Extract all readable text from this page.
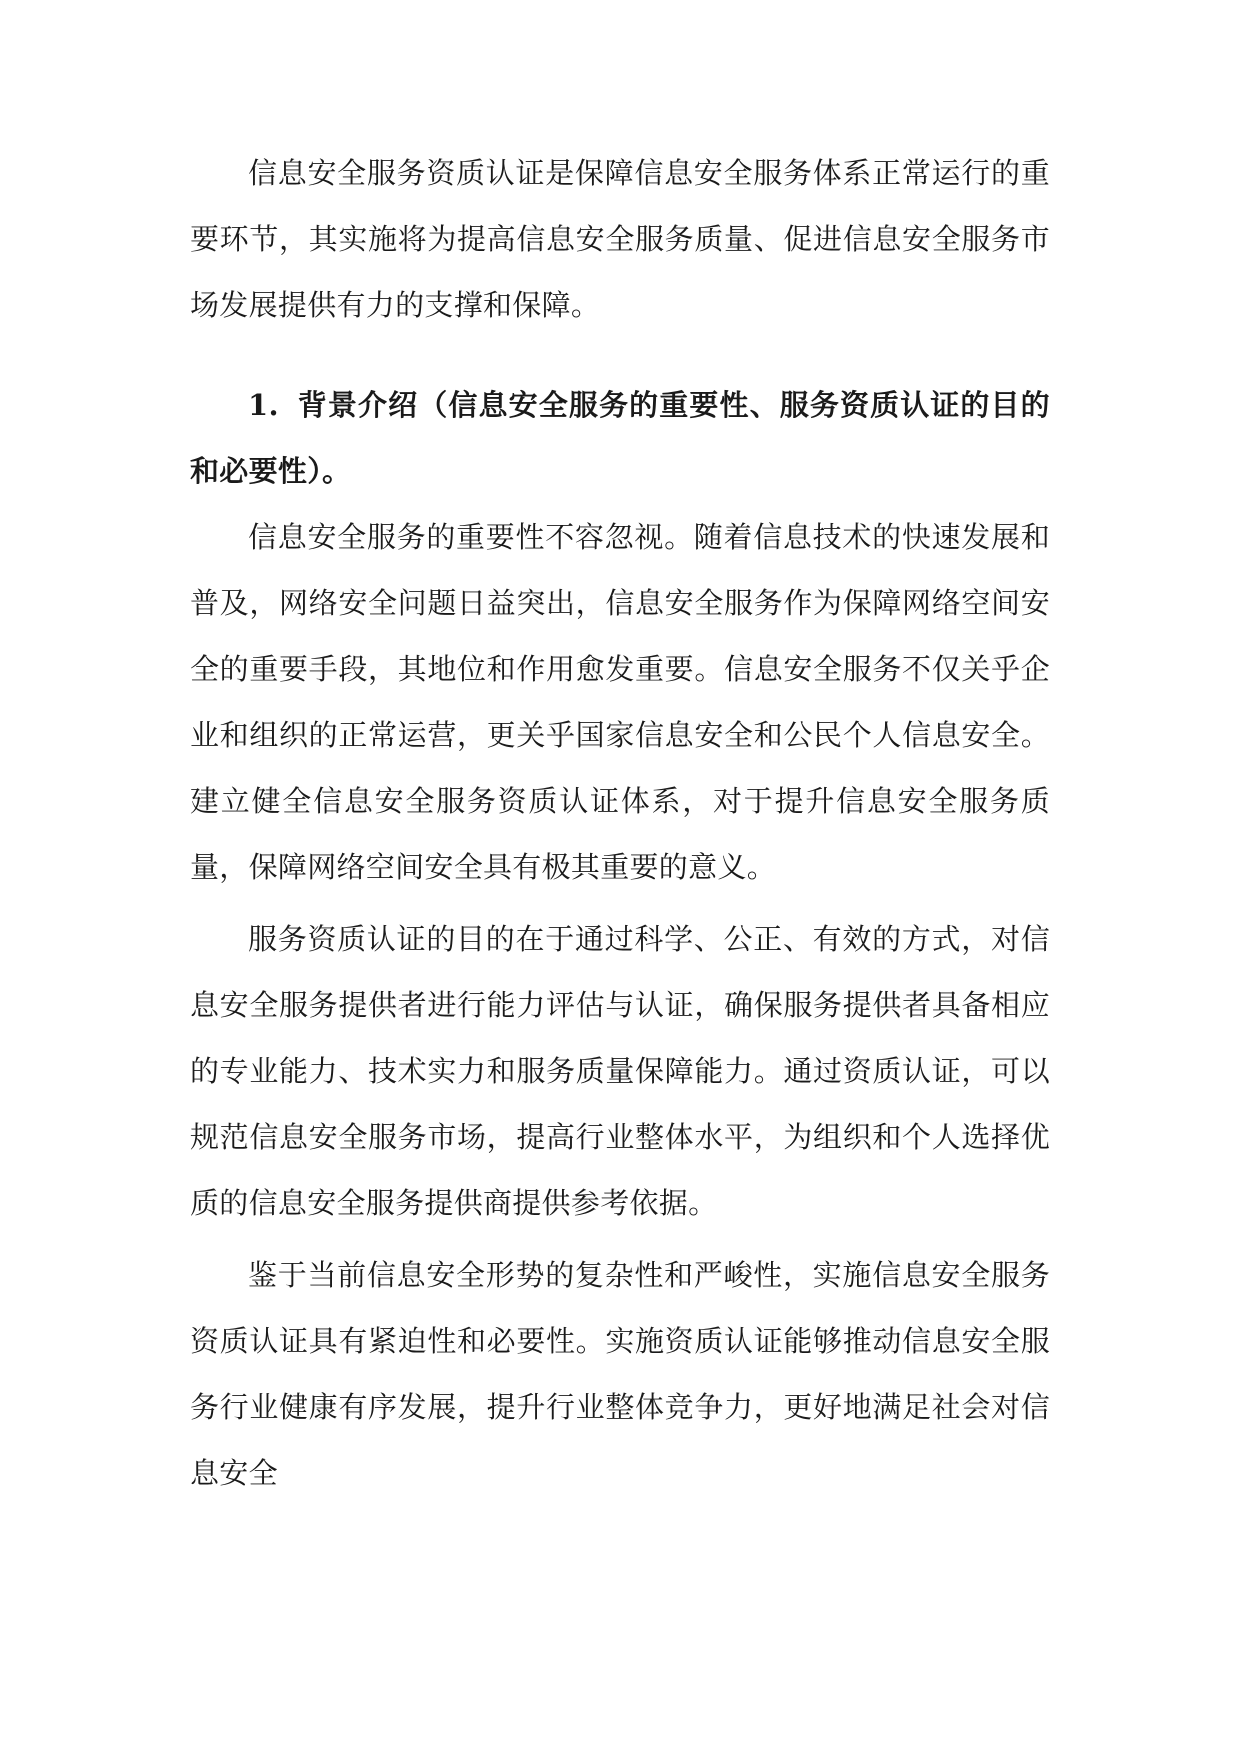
信息安全服务资质认证是保障信息安全服务体系正常运行的重要环节，其实施将为提高信息安全服务质量、促进信息安全服务市场发展提供有力的支撑和保障。

1. 背景介绍（信息安全服务的重要性、服务资质认证的目的和必要性）。

信息安全服务的重要性不容忽视。随着信息技术的快速发展和普及，网络安全问题日益突出，信息安全服务作为保障网络空间安全的重要手段，其地位和作用愈发重要。信息安全服务不仅关乎企业和组织的正常运营，更关乎国家信息安全和公民个人信息安全。建立健全信息安全服务资质认证体系，对于提升信息安全服务质量，保障网络空间安全具有极其重要的意义。

服务资质认证的目的在于通过科学、公正、有效的方式，对信息安全服务提供者进行能力评估与认证，确保服务提供者具备相应的专业能力、技术实力和服务质量保障能力。通过资质认证，可以规范信息安全服务市场，提高行业整体水平，为组织和个人选择优质的信息安全服务提供商提供参考依据。

鉴于当前信息安全形势的复杂性和严峻性，实施信息安全服务资质认证具有紧迫性和必要性。实施资质认证能够推动信息安全服务行业健康有序发展，提升行业整体竞争力，更好地满足社会对信息安全
